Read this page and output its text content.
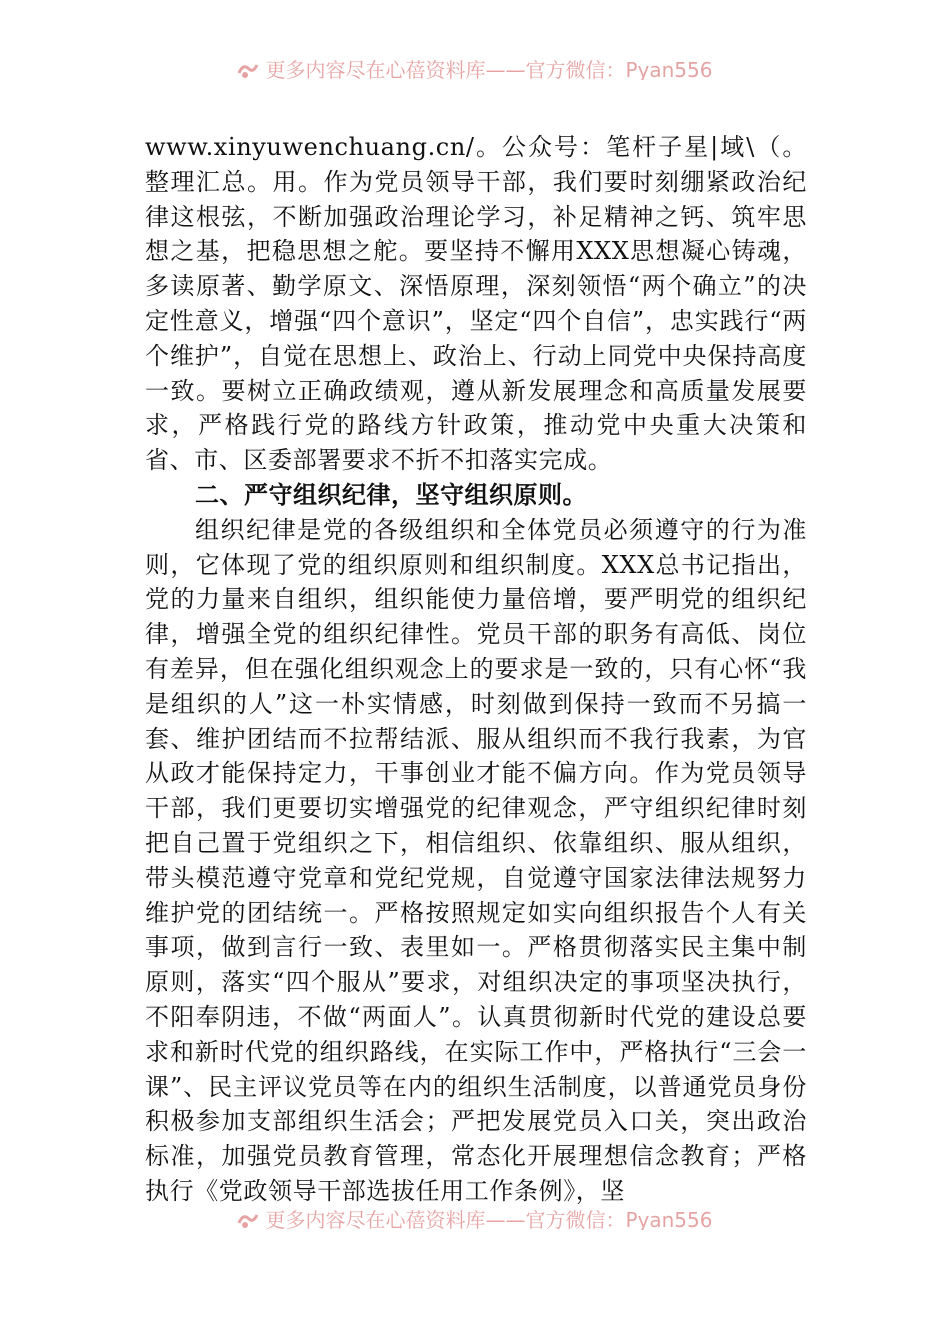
更多内容尽在心蓓资料库——官方微信：Pyan556

www.xinyuwenchuang.cn/。公众号：笔杆子星|域\（。整理汇总。用。作为党员领导干部，我们要时刻绷紧政治纪律这根弦，不断加强政治理论学习，补足精神之钙、筑牢思想之基，把稳思想之舵。要坚持不懈用XXX思想凝心铸魂，多读原著、勤学原文、深悟原理，深刻领悟“两个确立”的决定性意义，增强“四个意识”，坚定“四个自信”，忠实践行“两个维护”，自觉在思想上、政治上、行动上同党中央保持高度一致。要树立正确政绩观，遵从新发展理念和高质量发展要求，严格践行党的路线方针政策，推动党中央重大决策和省、市、区委部署要求不折不扣落实完成。

二、严守组织纪律，坚守组织原则。

组织纪律是党的各级组织和全体党员必须遵守的行为准则，它体现了党的组织原则和组织制度。XXX总书记指出，党的力量来自组织，组织能使力量倍增，要严明党的组织纪律，增强全党的组织纪律性。党员干部的职务有高低、岗位有差异，但在强化组织观念上的要求是一致的，只有心怀“我是组织的人”这一朴实情感，时刻做到保持一致而不另搞一套、维护团结而不拉帮结派、服从组织而不我行我素，为官从政才能保持定力，干事创业才能不偏方向。作为党员领导干部，我们更要切实增强党的纪律观念，严守组织纪律时刻把自己置于党组织之下，相信组织、依靠组织、服从组织，带头模范遵守党章和党纪党规，自觉遵守国家法律法规努力维护党的团结统一。严格按照规定如实向组织报告个人有关事项，做到言行一致、表里如一。严格贯彻落实民主集中制原则，落实“四个服从”要求，对组织决定的事项坚决执行，不阳奉阴违，不做“两面人”。认真贯彻新时代党的建设总要求和新时代党的组织路线，在实际工作中，严格执行“三会一课”、民主评议党员等在内的组织生活制度，以普通党员身份积极参加支部组织生活会；严把发展党员入口关，突出政治标准，加强党员教育管理，常态化开展理想信念教育；严格执行《党政领导干部选拔任用工作条例》，坚

更多内容尽在心蓓资料库——官方微信：Pyan556
